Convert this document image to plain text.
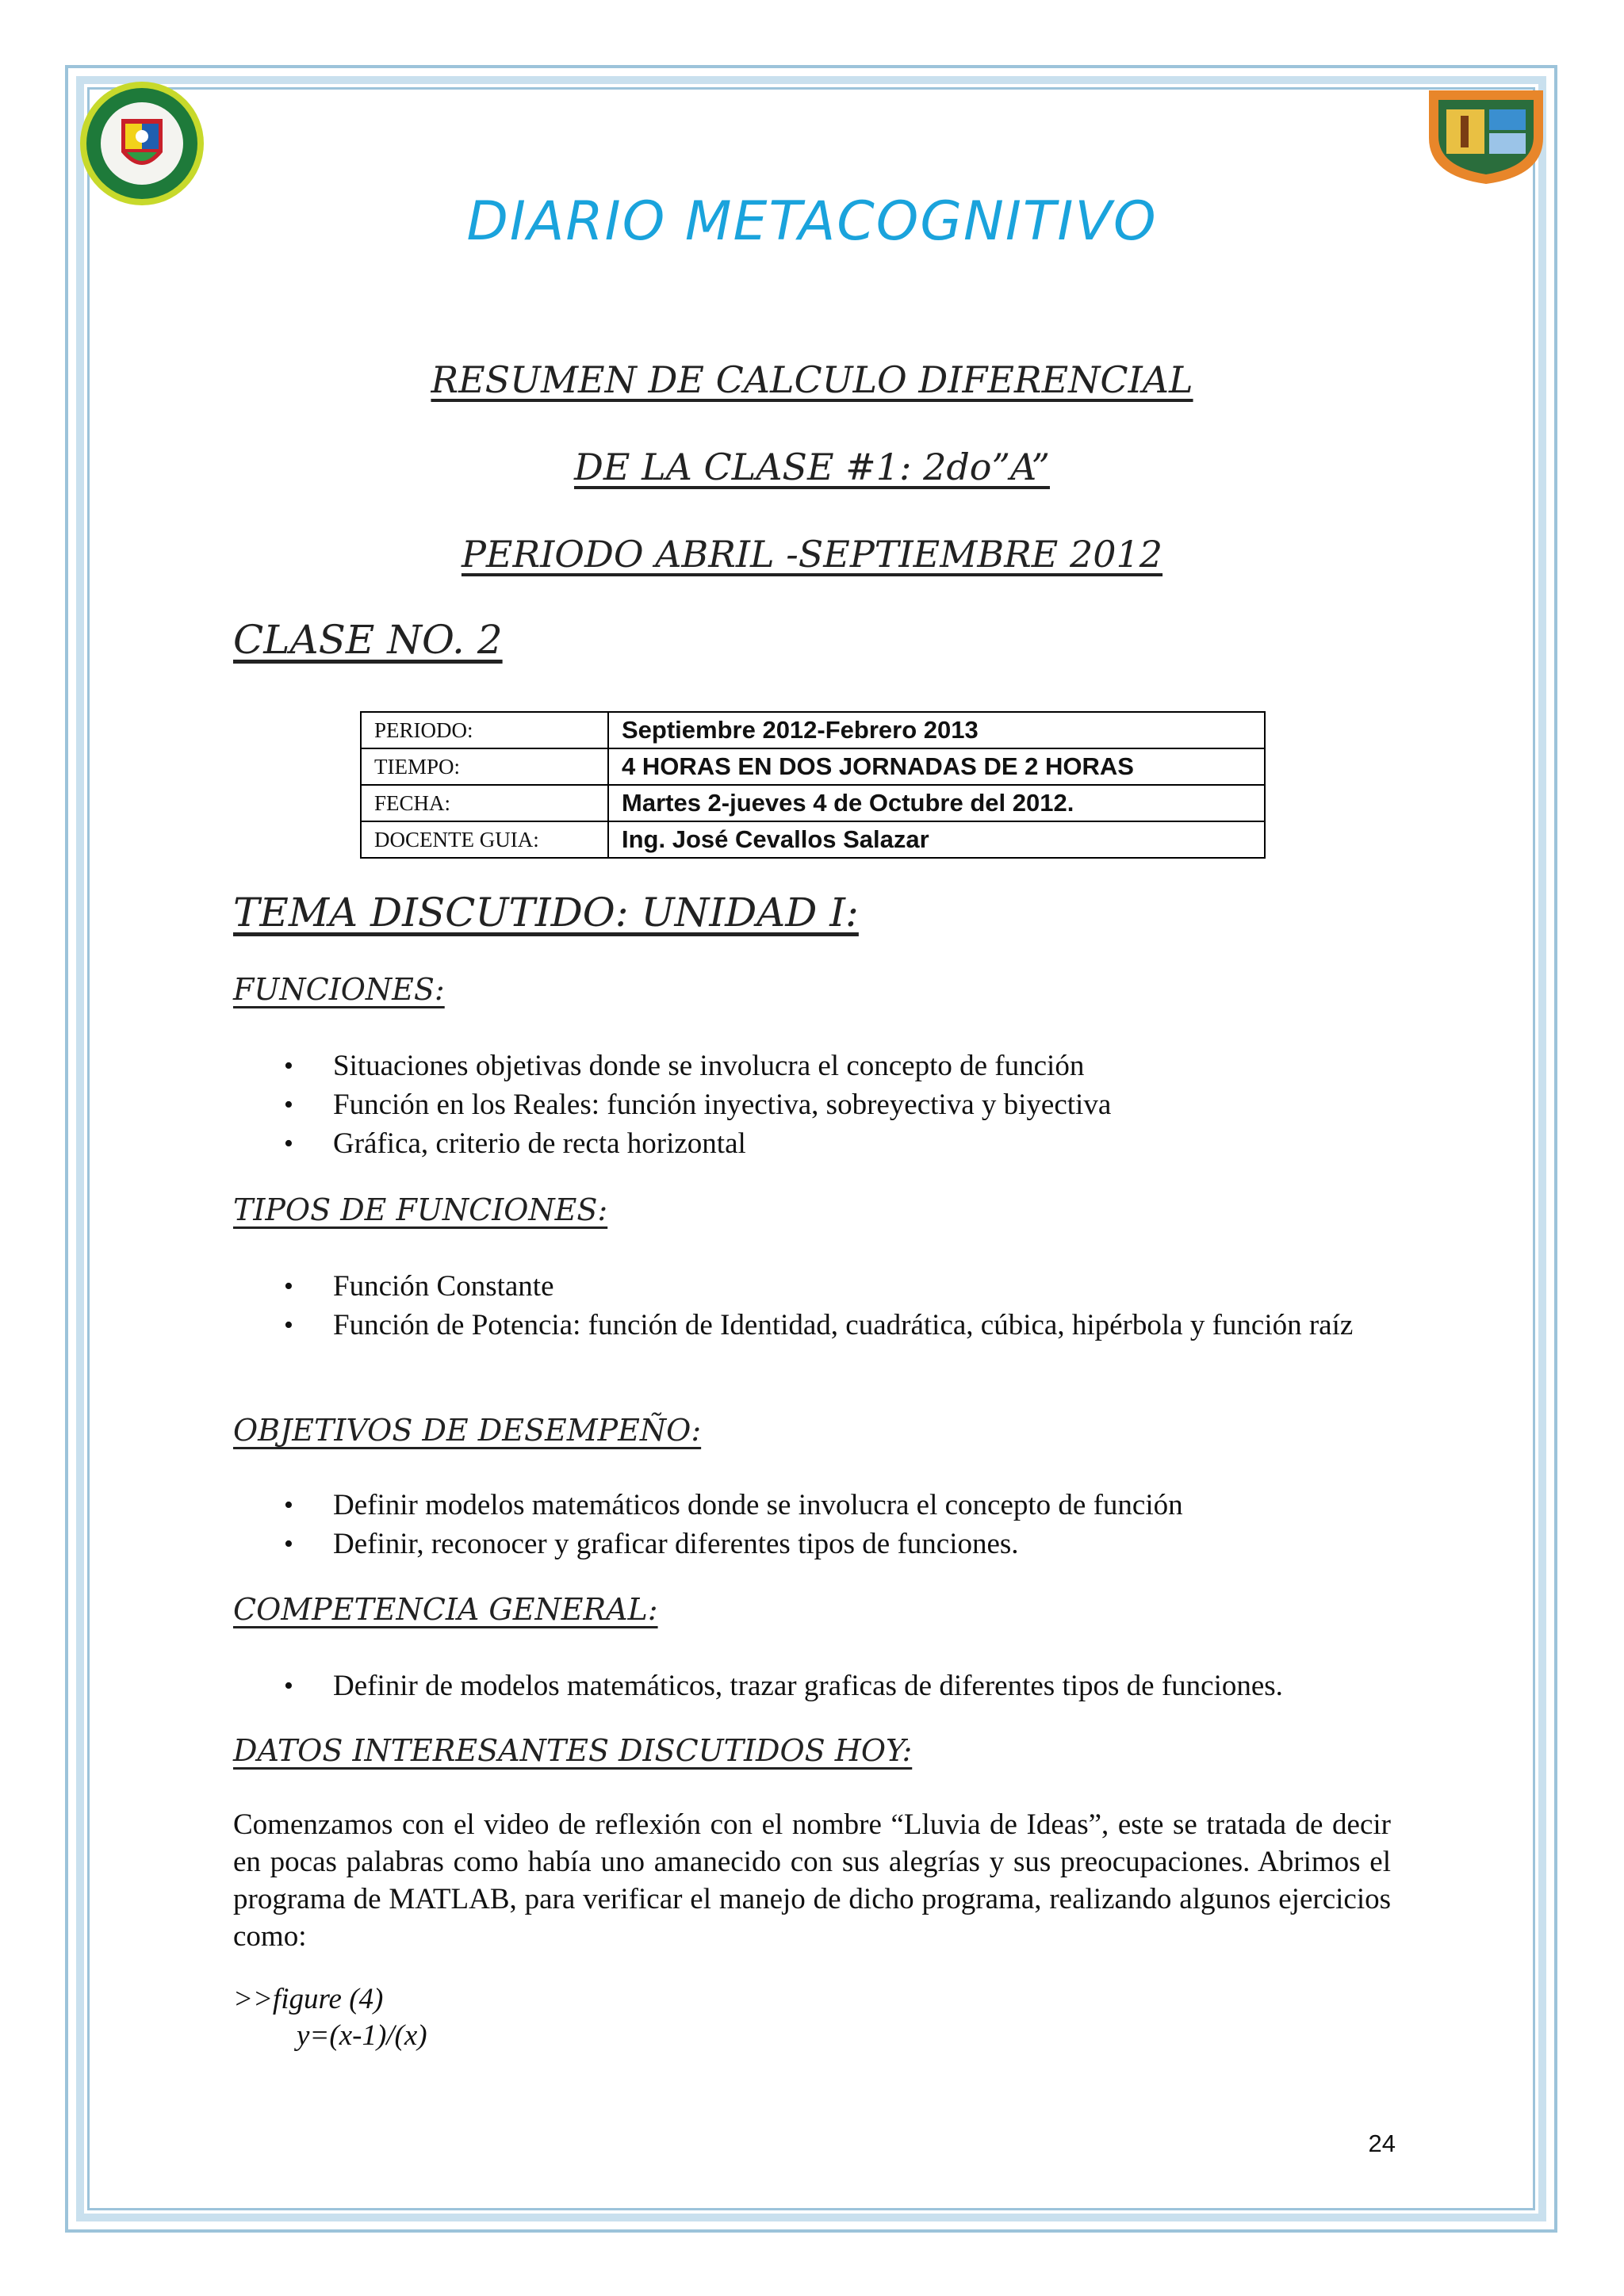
DIARIO METACOGNITIVO
RESUMEN DE CALCULO DIFERENCIAL
DE LA CLASE #1: 2do”A”
PERIODO ABRIL -SEPTIEMBRE 2012
CLASE NO. 2
PERIODO:	Septiembre 2012-Febrero 2013
TIEMPO:	4 HORAS EN DOS JORNADAS DE 2 HORAS
FECHA:	Martes 2-jueves 4 de Octubre del 2012.
DOCENTE GUIA:	Ing. José Cevallos Salazar
TEMA DISCUTIDO: UNIDAD I:
FUNCIONES:
• Situaciones objetivas donde se involucra el concepto de función
• Función en los Reales: función inyectiva, sobreyectiva y biyectiva
• Gráfica, criterio de recta horizontal
TIPOS DE FUNCIONES:
• Función Constante
• Función de Potencia: función de Identidad, cuadrática, cúbica, hipérbola y función raíz
OBJETIVOS DE DESEMPEÑO:
• Definir modelos matemáticos donde se involucra el concepto de función
• Definir, reconocer y graficar diferentes tipos de funciones.
COMPETENCIA GENERAL:
• Definir de modelos matemáticos, trazar graficas de diferentes tipos de funciones.
DATOS INTERESANTES DISCUTIDOS HOY:

Comenzamos con el video de reflexión con el nombre “Lluvia de Ideas”, este se tratada de decir en pocas palabras como había uno amanecido con sus alegrías y sus preocupaciones. Abrimos el programa de MATLAB, para verificar el manejo de dicho programa, realizando algunos ejercicios como:

>>figure (4)
y=(x-1)/(x)
24
